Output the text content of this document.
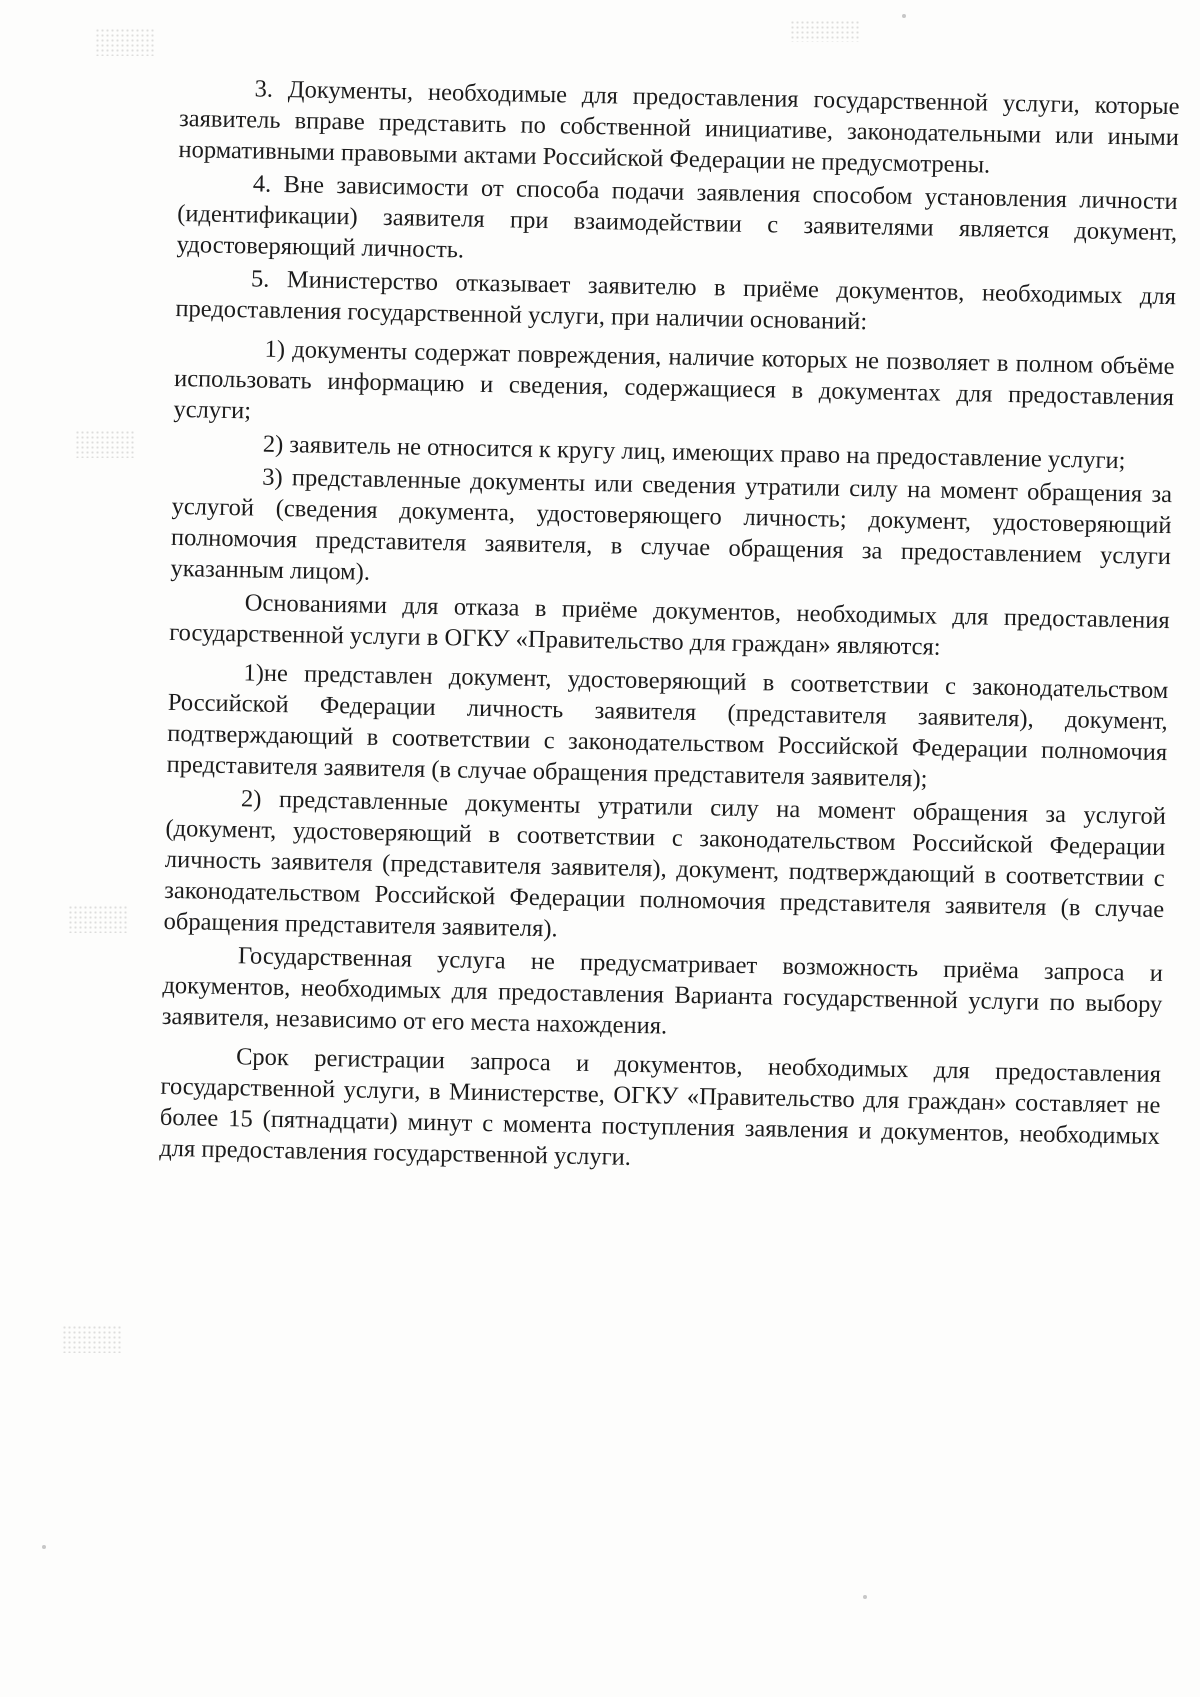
3. Документы, необходимые для предоставления государственной услуги, которые заявитель вправе представить по собственной инициативе, законодательными или иными нормативными правовыми актами Российской Федерации не предусмотрены.

4. Вне зависимости от способа подачи заявления способом установления личности (идентификации) заявителя при взаимодействии с заявителями является документ, удостоверяющий личность.

5. Министерство отказывает заявителю в приёме документов, необходимых для предоставления государственной услуги, при наличии оснований:

1) документы содержат повреждения, наличие которых не позволяет в полном объёме использовать информацию и сведения, содержащиеся в документах для предоставления услуги;

2) заявитель не относится к кругу лиц, имеющих право на предоставление услуги;

3) представленные документы или сведения утратили силу на момент обращения за услугой (сведения документа, удостоверяющего личность; документ, удостоверяющий полномочия представителя заявителя, в случае обращения за предоставлением услуги указанным лицом).

Основаниями для отказа в приёме документов, необходимых для предоставления государственной услуги в ОГКУ «Правительство для граждан» являются:

1)не представлен документ, удостоверяющий в соответствии с законодательством Российской Федерации личность заявителя (представителя заявителя), документ, подтверждающий в соответствии с законодательством Российской Федерации полномочия представителя заявителя (в случае обращения представителя заявителя);

2) представленные документы утратили силу на момент обращения за услугой (документ, удостоверяющий в соответствии с законодательством Российской Федерации личность заявителя (представителя заявителя), документ, подтверждающий в соответствии с законодательством Российской Федерации полномочия представителя заявителя (в случае обращения представителя заявителя).

Государственная услуга не предусматривает возможность приёма запроса и документов, необходимых для предоставления Варианта государственной услуги по выбору заявителя, независимо от его места нахождения.

Срок регистрации запроса и документов, необходимых для предоставления государственной услуги, в Министерстве, ОГКУ «Правительство для граждан» составляет не более 15 (пятнадцати) минут с момента поступления заявления и документов, необходимых для предоставления государственной услуги.
